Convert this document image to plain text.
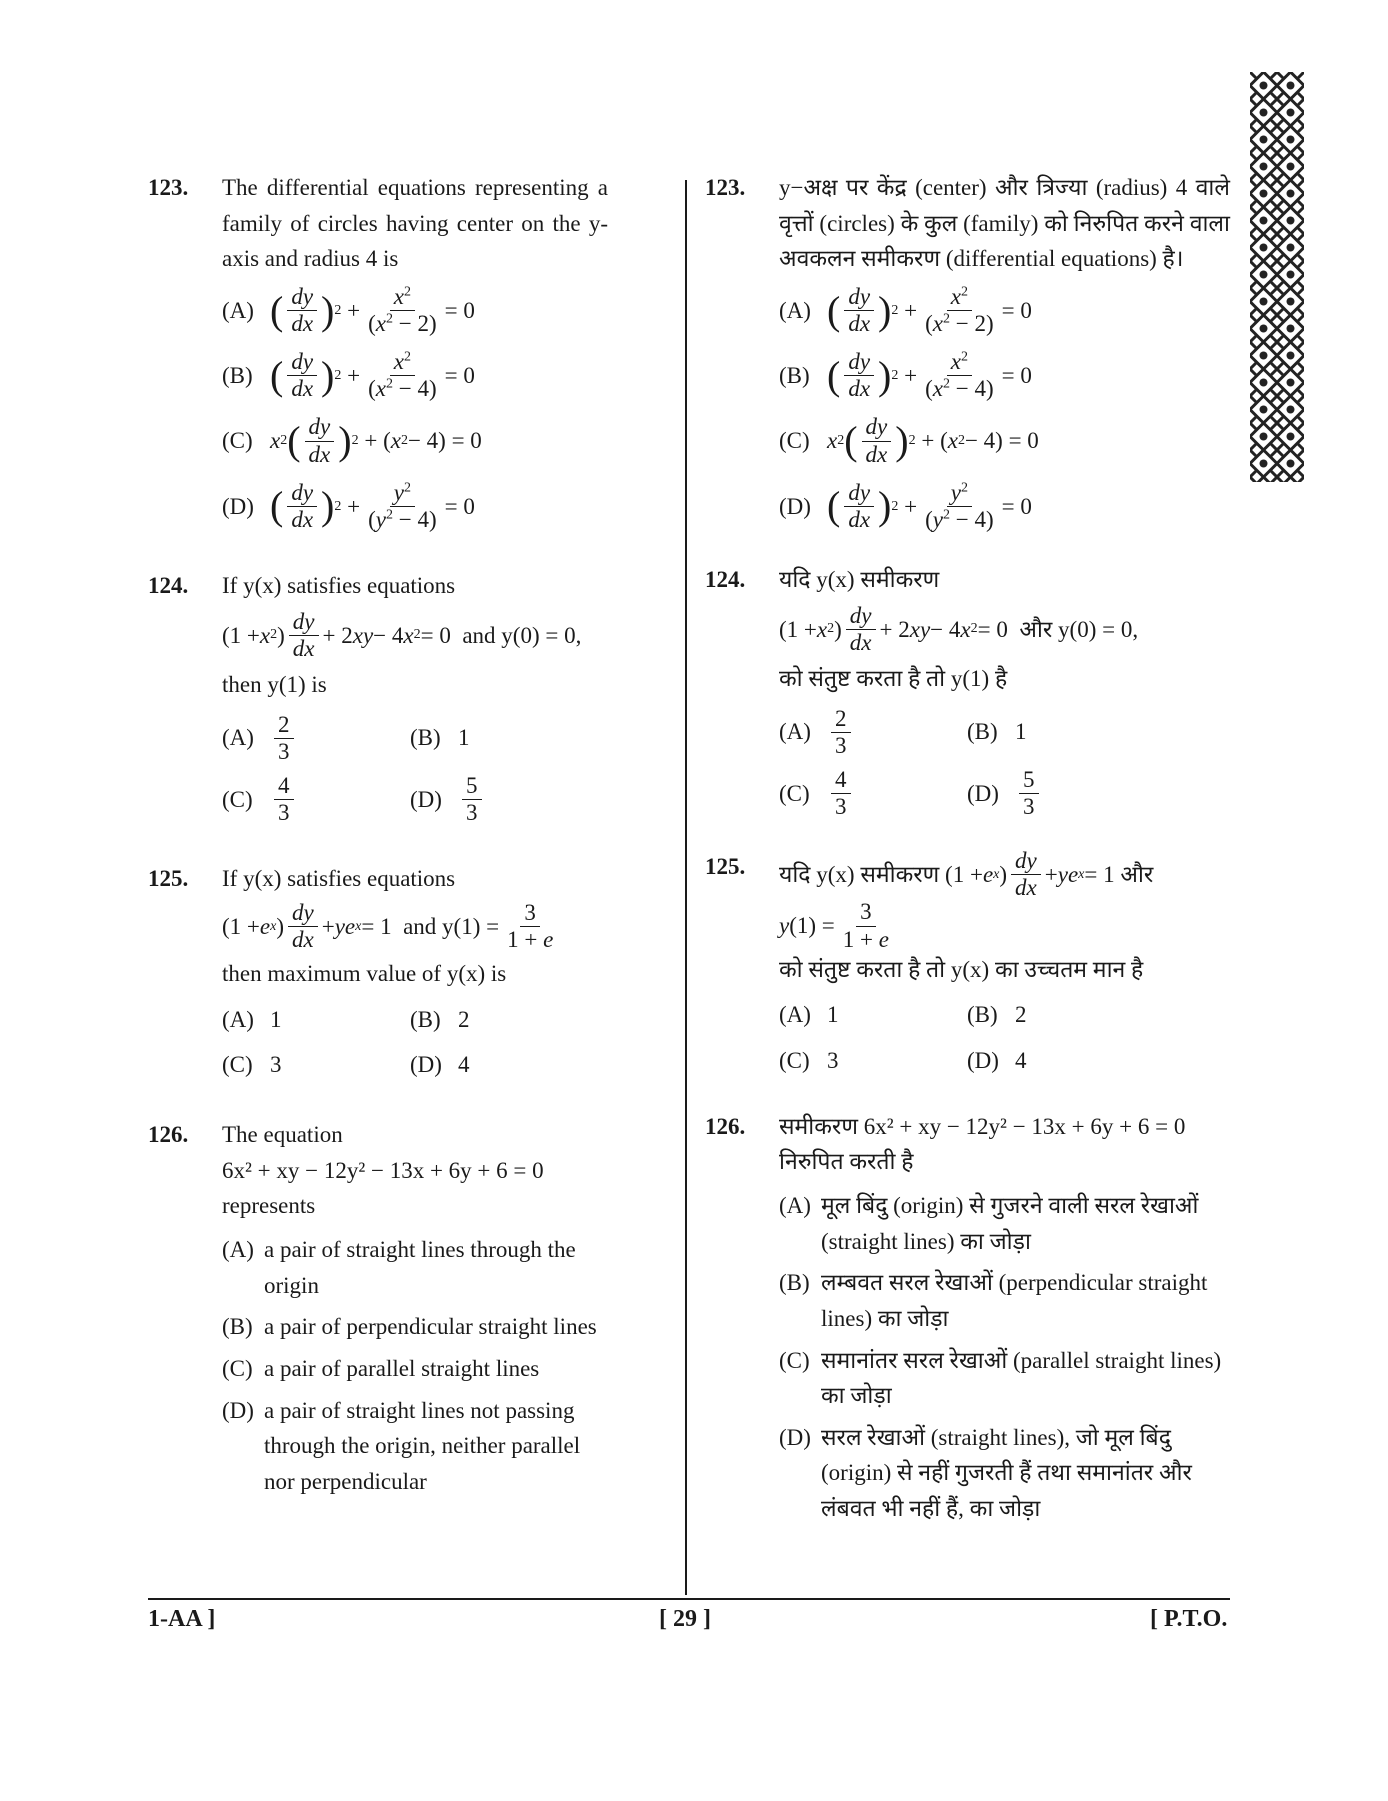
123. The differential equations representing a family of circles having center on the y-axis and radius 4 is
(A) ( $\frac{dy}{dx}$ ) $2 + \frac{x^2}{(x^2 - 2)} = 0$
(B) ( $\frac{dy}{dx}$ ) $2 + \frac{x^2}{(x^2 - 4)} = 0$
(C) x 2 ( $\frac{dy}{dx}$ ) 2 + ( x 2 − 4) = 0
(D) ( $\frac{dy}{dx}$ ) $2 + \frac{y^2}{(y^2 - 4)} = 0$
124. If y(x) satisfies equations
(1 + x 2 ) $\frac{dy}{dx} + 2$ xy − 4 x 2 = 0 and y(0) = 0,
then y(1) is
$(A) \frac{2}{3}$	(B) 1
$(C) \frac{4}{3}$	$(D) \frac{5}{3}$
125. If y(x) satisfies equations
(1 + e x ) $\frac{dy}{dx}$ + ye x = 1 and $y(1) = \frac{3}{1 + e}$
then maximum value of y(x) is
(A) 1	(B) 2
(C) 3	(D) 4
126. The equation
6x² + xy − 12y² − 13x + 6y + 6 = 0 represents
(A) a pair of straight lines through the origin
(B) a pair of perpendicular straight lines
(C) a pair of parallel straight lines
(D) a pair of straight lines not passing through the origin, neither parallel nor perpendicular
123. y−अक्ष पर केंद्र (center) और त्रिज्या (radius) 4 वाले वृत्तों (circles) के कुल (family) को निरुपित करने वाला अवकलन समीकरण (differential equations) है।
(A) ( $\frac{dy}{dx}$ ) $2 + \frac{x^2}{(x^2 - 2)} = 0$
(B) ( $\frac{dy}{dx}$ ) $2 + \frac{x^2}{(x^2 - 4)} = 0$
(C) x 2 ( $\frac{dy}{dx}$ ) 2 + ( x 2 − 4) = 0
(D) ( $\frac{dy}{dx}$ ) $2 + \frac{y^2}{(y^2 - 4)} = 0$
124. यदि y(x) समीकरण
(1 + x 2 ) $\frac{dy}{dx} + 2$ xy − 4 x 2 = 0 और y(0) = 0,
को संतुष्ट करता है तो y(1) है
$(A) \frac{2}{3}$	(B) 1
$(C) \frac{4}{3}$	$(D) \frac{5}{3}$
125. यदि y(x) समीकरण (1 + e x ) $\frac{dy}{dx}$ + ye x = 1 और

y $(1) = \frac{3}{1 + e}$
को संतुष्ट करता है तो y(x) का उच्चतम मान है
(A) 1	(B) 2
(C) 3	(D) 4
126. समीकरण 6x² + xy − 12y² − 13x + 6y + 6 = 0
निरुपित करती है
(A) मूल बिंदु (origin) से गुजरने वाली सरल रेखाओं (straight lines) का जोड़ा
(B) लम्बवत सरल रेखाओं (perpendicular straight lines) का जोड़ा
(C) समानांतर सरल रेखाओं (parallel straight lines) का जोड़ा
(D) सरल रेखाओं (straight lines), जो मूल बिंदु (origin) से नहीं गुजरती हैं तथा समानांतर और लंबवत भी नहीं हैं, का जोड़ा
1-AA ]	[ 29 ]	[ P.T.O.
